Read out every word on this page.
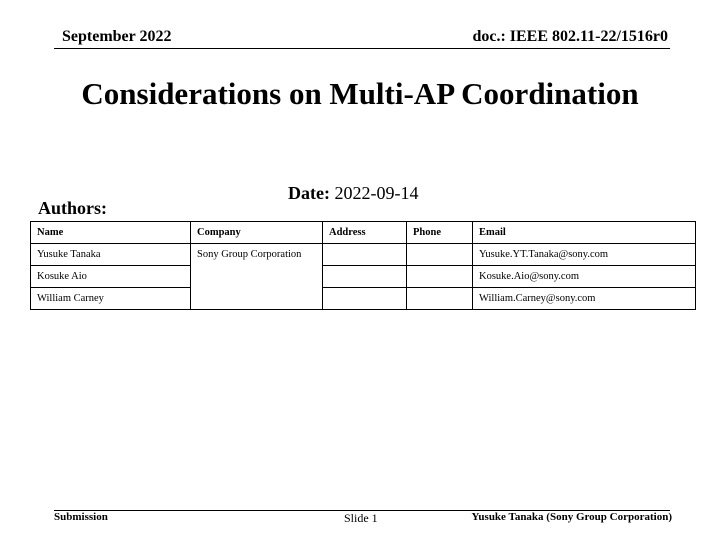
September 2022	doc.: IEEE 802.11-22/1516r0
Considerations on Multi-AP Coordination
Date: 2022-09-14
Authors:
Name	Company	Address	Phone	Email
Yusuke Tanaka	Sony Group Corporation			Yusuke.YT.Tanaka@sony.com
Kosuke Aio				Kosuke.Aio@sony.com
William Carney				William.Carney@sony.com
Submission	Slide 1	Yusuke Tanaka (Sony Group Corporation)
